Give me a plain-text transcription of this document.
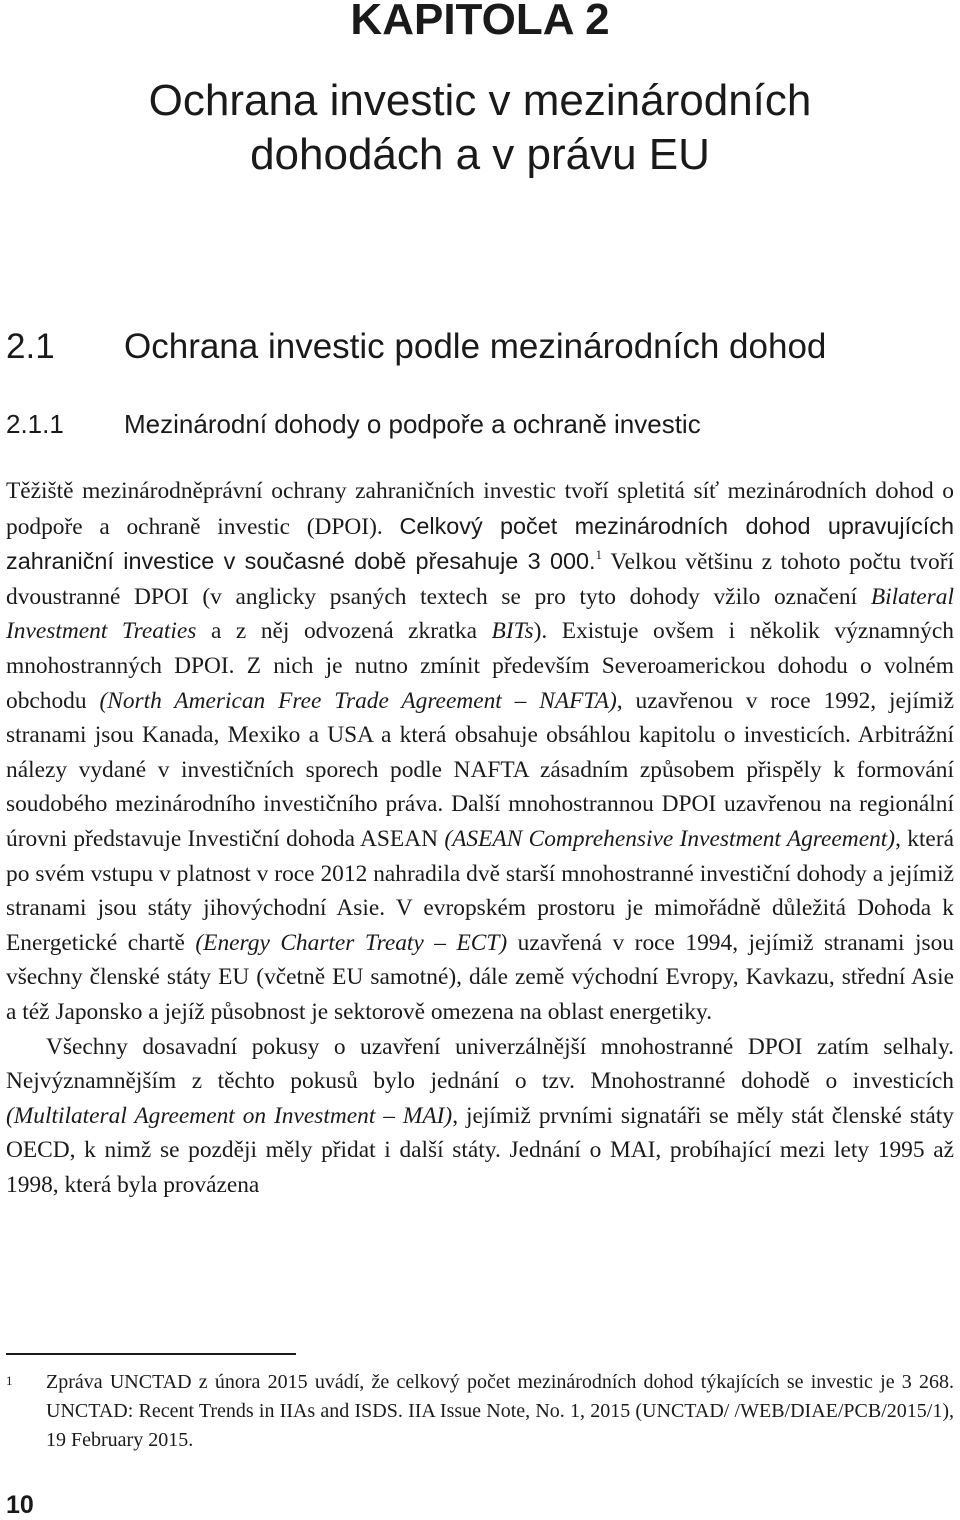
KAPITOLA 2
Ochrana investic v mezinárodních
dohodách a v právu EU
2.1 Ochrana investic podle mezinárodních dohod
2.1.1 Mezinárodní dohody o podpoře a ochraně investic

Těžiště mezinárodněprávní ochrany zahraničních investic tvoří spletitá síť mezinárodních dohod o podpoře a ochraně investic (DPOI). Celkový počet mezinárodních dohod upravujících zahraniční investice v současné době přesahuje 3 000.$^1$ Velkou většinu z tohoto počtu tvoří dvoustranné DPOI (v anglicky psaných textech se pro tyto dohody vžilo označení Bilateral Investment Treaties a z něj odvozená zkratka BITs). Existuje ovšem i několik významných mnohostranných DPOI. Z nich je nutno zmínit především Severoamerickou dohodu o volném obchodu (North American Free Trade Agreement – NAFTA), uzavřenou v roce 1992, jejímiž stranami jsou Kanada, Mexiko a USA a která obsahuje obsáhlou kapitolu o investicích. Arbitrážní nálezy vydané v investičních sporech podle NAFTA zásadním způsobem přispěly k formování soudobého mezinárodního investičního práva. Další mnohostrannou DPOI uzavřenou na regionální úrovni představuje Investiční dohoda ASEAN (ASEAN Comprehensive Investment Agreement), která po svém vstupu v platnost v roce 2012 nahradila dvě starší mnohostranné investiční dohody a jejímiž stranami jsou státy jihovýchodní Asie. V evropském prostoru je mimořádně důležitá Dohoda k Energetické chartě (Energy Charter Treaty – ECT) uzavřená v roce 1994, jejímiž stranami jsou všechny členské státy EU (včetně EU samotné), dále země východní Evropy, Kavkazu, střední Asie a též Japonsko a jejíž působnost je sektorově omezena na oblast energetiky.

Všechny dosavadní pokusy o uzavření univerzálnější mnohostranné DPOI zatím selhaly. Nejvýznamnějším z těchto pokusů bylo jednání o tzv. Mnohostranné dohodě o investicích (Multilateral Agreement on Investment – MAI), jejímiž prvními signatáři se měly stát členské státy OECD, k nimž se později měly přidat i další státy. Jednání o MAI, probíhající mezi lety 1995 až 1998, která byla provázena

1 Zpráva UNCTAD z února 2015 uvádí, že celkový počet mezinárodních dohod týkajících se investic je 3 268. UNCTAD: Recent Trends in IIAs and ISDS. IIA Issue Note, No. 1, 2015 (UNCTAD/ /WEB/DIAE/PCB/2015/1), 19 February 2015.
10
